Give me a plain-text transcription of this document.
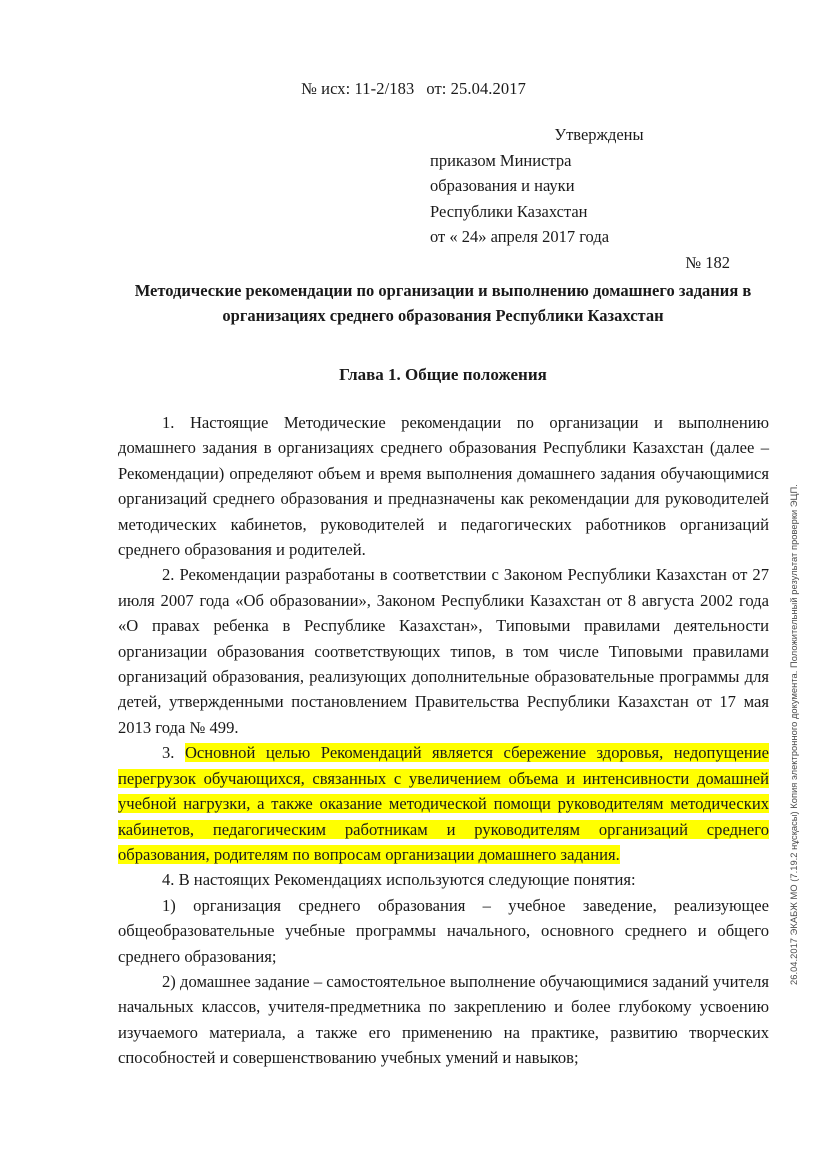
№ исх: 11-2/183 от: 25.04.2017
Утверждены
приказом Министра
образования и науки
Республики Казахстан
от « 24» апреля 2017 года
№ 182
Методические рекомендации по организации и выполнению домашнего задания в организациях среднего образования Республики Казахстан
Глава 1. Общие положения

1. Настоящие Методические рекомендации по организации и выполнению домашнего задания в организациях среднего образования Республики Казахстан (далее – Рекомендации) определяют объем и время выполнения домашнего задания обучающимися организаций среднего образования и предназначены как рекомендации для руководителей методических кабинетов, руководителей и педагогических работников организаций среднего образования и родителей.

2. Рекомендации разработаны в соответствии с Законом Республики Казахстан от 27 июля 2007 года «Об образовании», Законом Республики Казахстан от 8 августа 2002 года «О правах ребенка в Республике Казахстан», Типовыми правилами деятельности организации образования соответствующих типов, в том числе Типовыми правилами организаций образования, реализующих дополнительные образовательные программы для детей, утвержденными постановлением Правительства Республики Казахстан от 17 мая 2013 года № 499.

3. Основной целью Рекомендаций является сбережение здоровья, недопущение перегрузок обучающихся, связанных с увеличением объема и интенсивности домашней учебной нагрузки, а также оказание методической помощи руководителям методических кабинетов, педагогическим работникам и руководителям организаций среднего образования, родителям по вопросам организации домашнего задания.

4. В настоящих Рекомендациях используются следующие понятия:

1) организация среднего образования – учебное заведение, реализующее общеобразовательные учебные программы начального, основного среднего и общего среднего образования;

2) домашнее задание – самостоятельное выполнение обучающимися заданий учителя начальных классов, учителя-предметника по закреплению и более глубокому усвоению изучаемого материала, а также его применению на практике, развитию творческих способностей и совершенствованию учебных умений и навыков;

26.04.2017 ЭКАБЖ МО (7.19.2 нұсқасы) Копия электронного документа. Положительный результат проверки ЭЦП.
